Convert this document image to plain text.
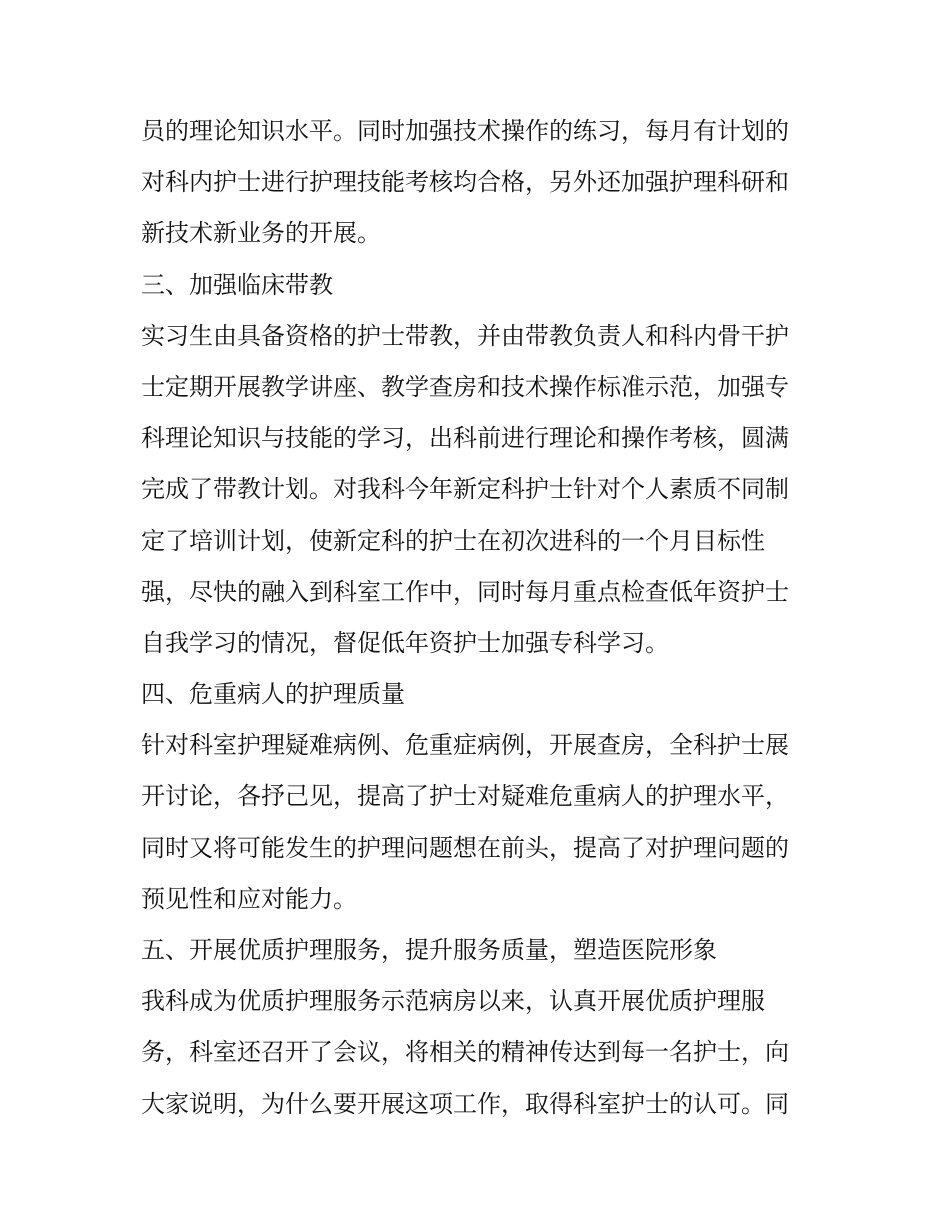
员的理论知识水平。同时加强技术操作的练习，每月有计划的
对科内护士进行护理技能考核均合格，另外还加强护理科研和
新技术新业务的开展。
三、加强临床带教
实习生由具备资格的护士带教，并由带教负责人和科内骨干护
士定期开展教学讲座、教学查房和技术操作标准示范，加强专
科理论知识与技能的学习，出科前进行理论和操作考核，圆满
完成了带教计划。对我科今年新定科护士针对个人素质不同制
定了培训计划，使新定科的护士在初次进科的一个月目标性
强，尽快的融入到科室工作中，同时每月重点检查低年资护士
自我学习的情况，督促低年资护士加强专科学习。
四、危重病人的护理质量
针对科室护理疑难病例、危重症病例，开展查房，全科护士展
开讨论，各抒己见，提高了护士对疑难危重病人的护理水平，
同时又将可能发生的护理问题想在前头，提高了对护理问题的
预见性和应对能力。
五、开展优质护理服务，提升服务质量，塑造医院形象
我科成为优质护理服务示范病房以来，认真开展优质护理服
务，科室还召开了会议，将相关的精神传达到每一名护士，向
大家说明，为什么要开展这项工作，取得科室护士的认可。同
